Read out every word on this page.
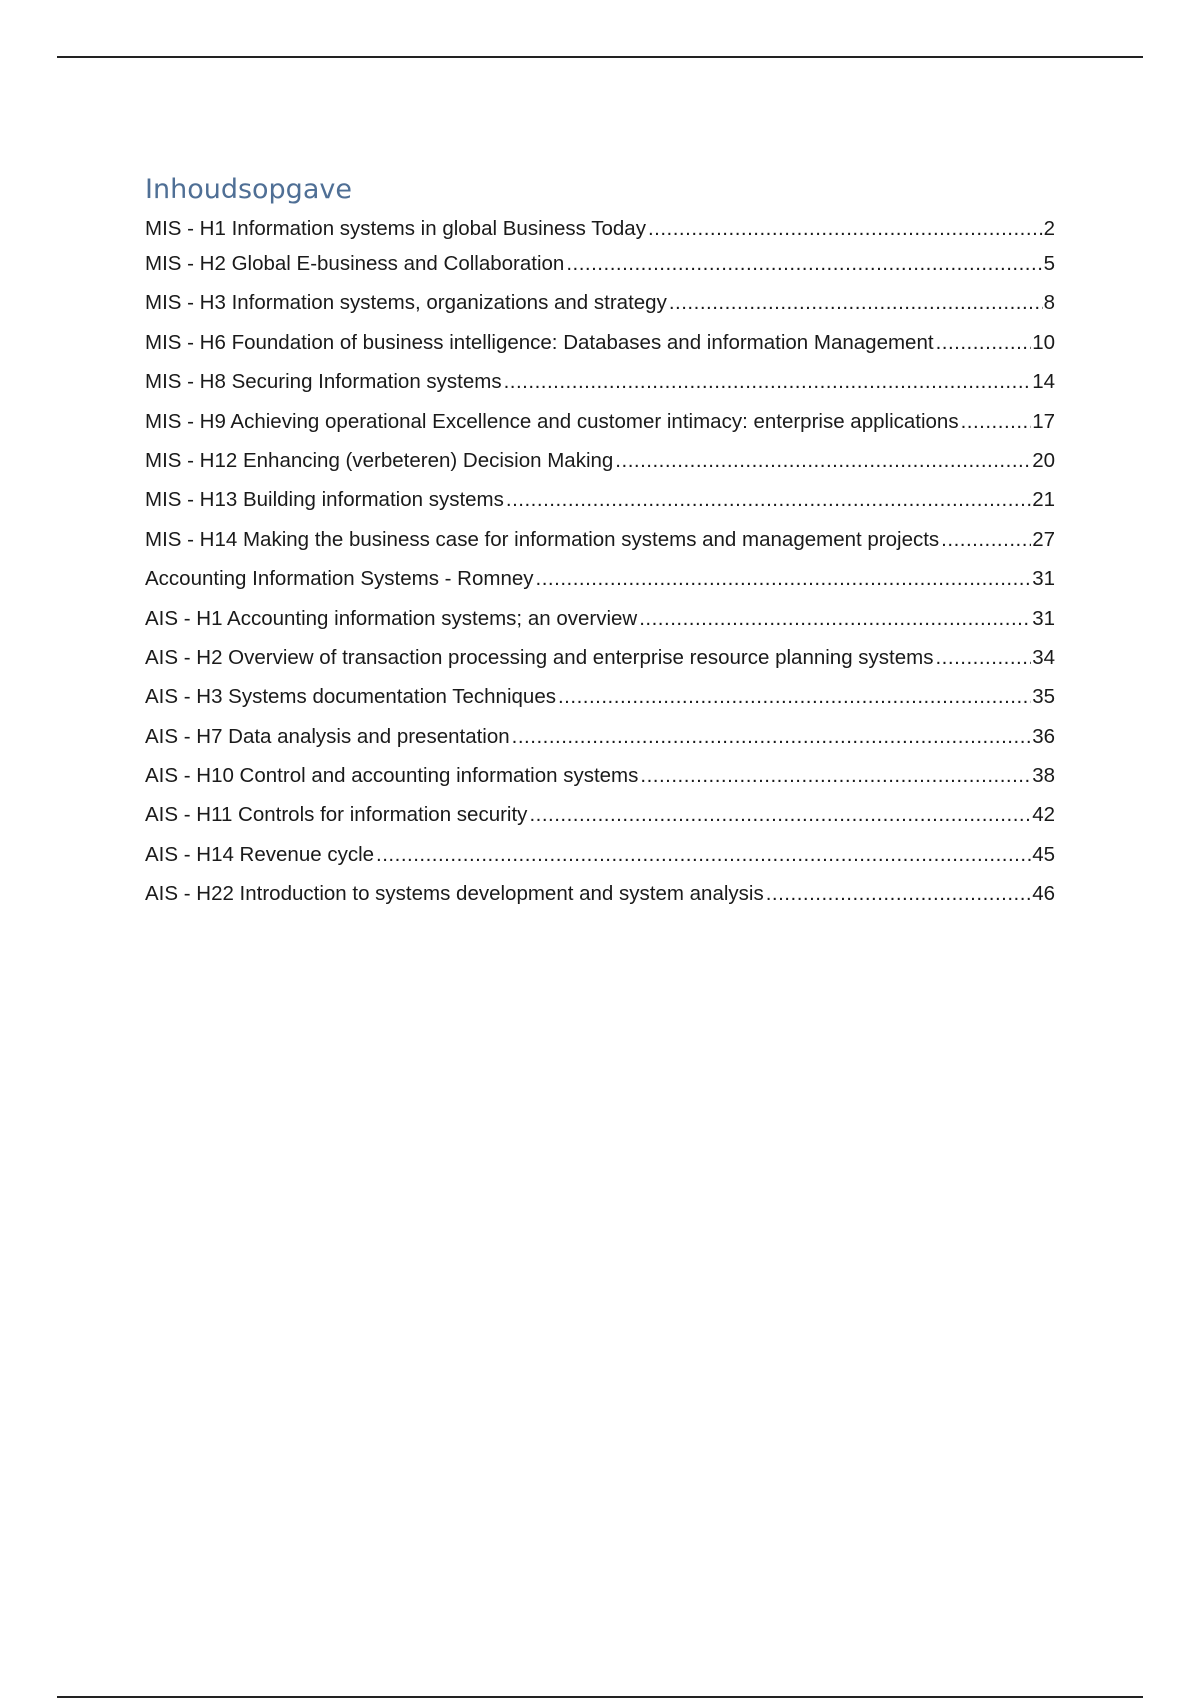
Inhoudsopgave
MIS - H1 Information systems in global Business Today .....	2
MIS - H2 Global E-business and Collaboration .....	5
MIS - H3 Information systems, organizations and strategy .....	8
MIS - H6 Foundation of business intelligence: Databases and information Management .....	10
MIS - H8 Securing Information systems .....	14
MIS - H9 Achieving operational Excellence and customer intimacy: enterprise applications .....	17
MIS - H12 Enhancing (verbeteren) Decision Making .....	20
MIS - H13 Building information systems .....	21
MIS - H14 Making the business case for information systems and management projects .....	27
Accounting Information Systems - Romney .....	31
AIS - H1 Accounting information systems; an overview .....	31
AIS - H2 Overview of transaction processing and enterprise resource planning systems .....	34
AIS - H3 Systems documentation Techniques .....	35
AIS - H7 Data analysis and presentation .....	36
AIS - H10 Control and accounting information systems .....	38
AIS - H11 Controls for information security .....	42
AIS - H14 Revenue cycle .....	45
AIS - H22 Introduction to systems development and system analysis .....	46
